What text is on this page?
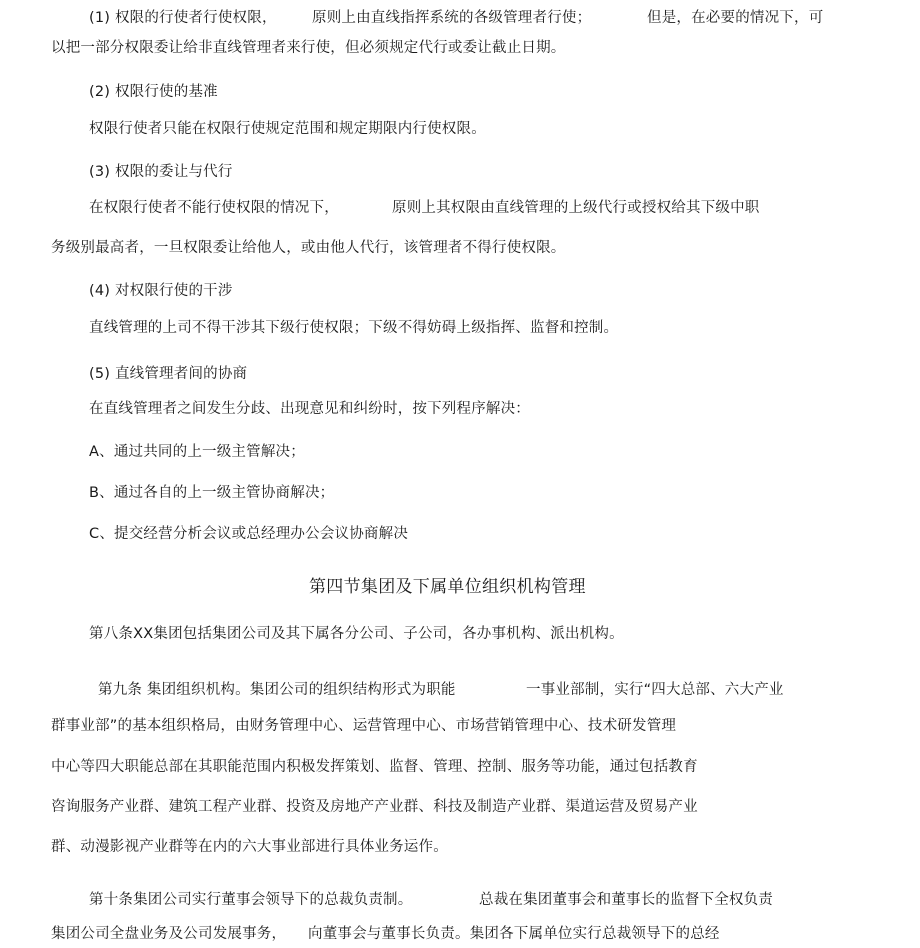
(1) 权限的行使者行使权限， 原则上由直线指挥系统的各级管理者行使；	但是，在必要的情况下，可
以把一部分权限委让给非直线管理者来行使，但必须规定代行或委让截止日期。
(2) 权限行使的基准
权限行使者只能在权限行使规定范围和规定期限内行使权限。
(3) 权限的委让与代行
在权限行使者不能行使权限的情况下，	原则上其权限由直线管理的上级代行或授权给其下级中职
务级别最高者，一旦权限委让给他人，或由他人代行，该管理者不得行使权限。
(4) 对权限行使的干涉
直线管理的上司不得干涉其下级行使权限；下级不得妨碍上级指挥、监督和控制。
(5) 直线管理者间的协商
在直线管理者之间发生分歧、出现意见和纠纷时，按下列程序解决：
A、通过共同的上一级主管解决；
B、通过各自的上一级主管协商解决；
C、提交经营分析会议或总经理办公会议协商解决
第四节集团及下属单位组织机构管理
第八条XX集团包括集团公司及其下属各分公司、子公司，各办事机构、派出机构。
第九条 集团组织机构。集团公司的组织结构形式为职能	一事业部制，实行“四大总部、六大产业
群事业部”的基本组织格局，由财务管理中心、运营管理中心、市场营销管理中心、技术研发管理
中心等四大职能总部在其职能范围内积极发挥策划、监督、管理、控制、服务等功能，通过包括教育
咨询服务产业群、建筑工程产业群、投资及房地产产业群、科技及制造产业群、渠道运营及贸易产业
群、动漫影视产业群等在内的六大事业部进行具体业务运作。
第十条集团公司实行董事会领导下的总裁负责制。	总裁在集团董事会和董事长的监督下全权负责
集团公司全盘业务及公司发展事务， 向董事会与董事长负责。集团各下属单位实行总裁领导下的总经
